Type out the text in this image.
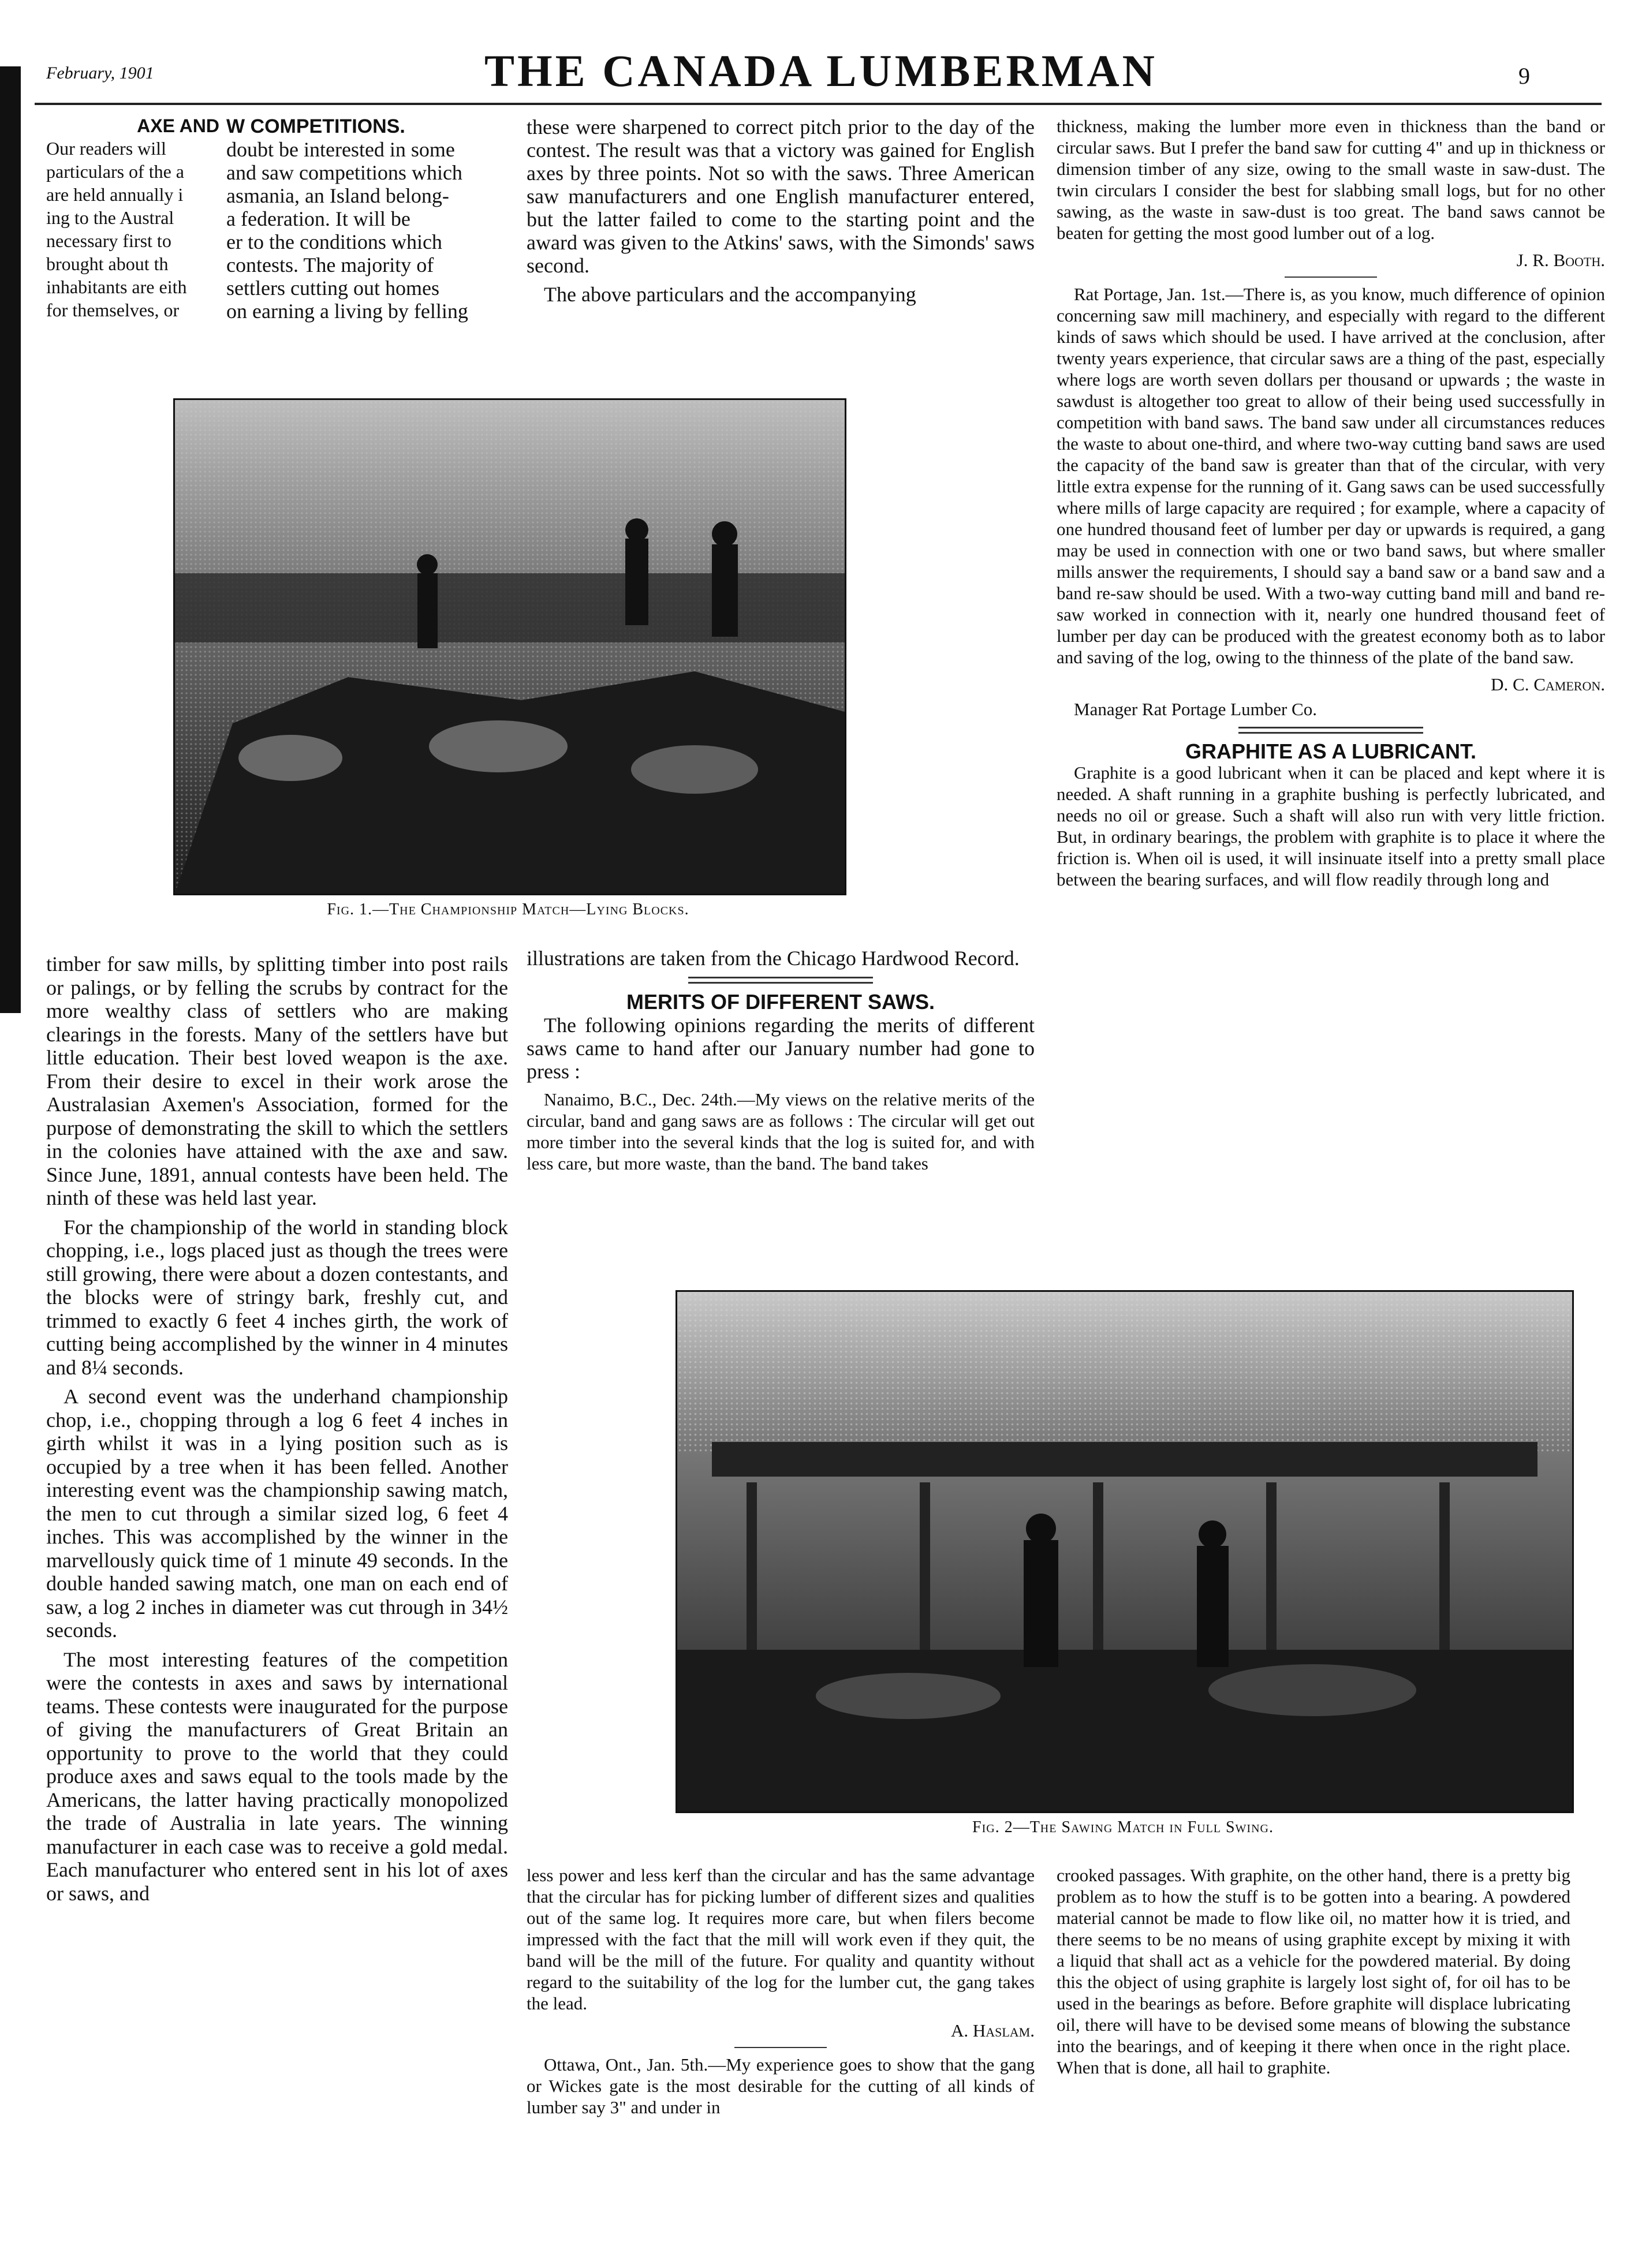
February, 1901	THE CANADA LUMBERMAN	9

AXE AND

Our readers will
particulars of the a
are held annually i
ing to the Austral
necessary first to
brought about th
inhabitants are eith
for themselves, or

W COMPETITIONS.

doubt be interested in some
and saw competitions which
asmania, an Island belong-
a federation. It will be
er to the conditions which
contests. The majority of
settlers cutting out homes
on earning a living by felling

these were sharpened to correct pitch prior to the day of the contest. The result was that a victory was gained for English axes by three points. Not so with the saws. Three American saw manufacturers and one English manufacturer entered, but the latter failed to come to the starting point and the award was given to the Atkins' saws, with the Simonds' saws second.

The above particulars and the accompanying

Fig. 1.—The Championship Match—Lying Blocks.

timber for saw mills, by splitting timber into post rails or palings, or by felling the scrubs by contract for the more wealthy class of settlers who are making clearings in the forests. Many of the settlers have but little education. Their best loved weapon is the axe. From their desire to excel in their work arose the Australasian Axemen's Association, formed for the purpose of demonstrating the skill to which the settlers in the colonies have attained with the axe and saw. Since June, 1891, annual contests have been held. The ninth of these was held last year.

For the championship of the world in standing block chopping, i.e., logs placed just as though the trees were still growing, there were about a dozen contestants, and the blocks were of stringy bark, freshly cut, and trimmed to exactly 6 feet 4 inches girth, the work of cutting being accomplished by the winner in 4 minutes and 8¼ seconds.

A second event was the underhand championship chop, i.e., chopping through a log 6 feet 4 inches in girth whilst it was in a lying position such as is occupied by a tree when it has been felled. Another interesting event was the championship sawing match, the men to cut through a similar sized log, 6 feet 4 inches. This was accomplished by the winner in the marvellously quick time of 1 minute 49 seconds. In the double handed sawing match, one man on each end of saw, a log 2 inches in diameter was cut through in 34½ seconds.

The most interesting features of the competition were the contests in axes and saws by international teams. These contests were inaugurated for the purpose of giving the manufacturers of Great Britain an opportunity to prove to the world that they could produce axes and saws equal to the tools made by the Americans, the latter having practically monopolized the trade of Australia in late years. The winning manufacturer in each case was to receive a gold medal. Each manufacturer who entered sent in his lot of axes or saws, and

illustrations are taken from the Chicago Hardwood Record.

MERITS OF DIFFERENT SAWS.

The following opinions regarding the merits of different saws came to hand after our January number had gone to press :

Nanaimo, B.C., Dec. 24th.—My views on the relative merits of the circular, band and gang saws are as follows : The circular will get out more timber into the several kinds that the log is suited for, and with less care, but more waste, than the band. The band takes

thickness, making the lumber more even in thickness than the band or circular saws. But I prefer the band saw for cutting 4" and up in thickness or dimension timber of any size, owing to the small waste in saw-dust. The twin circulars I consider the best for slabbing small logs, but for no other sawing, as the waste in saw-dust is too great. The band saws cannot be beaten for getting the most good lumber out of a log.

J. R. Booth.

Rat Portage, Jan. 1st.—There is, as you know, much difference of opinion concerning saw mill machinery, and especially with regard to the different kinds of saws which should be used. I have arrived at the conclusion, after twenty years experience, that circular saws are a thing of the past, especially where logs are worth seven dollars per thousand or upwards ; the waste in sawdust is altogether too great to allow of their being used successfully in competition with band saws. The band saw under all circumstances reduces the waste to about one-third, and where two-way cutting band saws are used the capacity of the band saw is greater than that of the circular, with very little extra expense for the running of it. Gang saws can be used successfully where mills of large capacity are required ; for example, where a capacity of one hundred thousand feet of lumber per day or upwards is required, a gang may be used in connection with one or two band saws, but where smaller mills answer the requirements, I should say a band saw or a band saw and a band re-saw should be used. With a two-way cutting band mill and band re-saw worked in connection with it, nearly one hundred thousand feet of lumber per day can be produced with the greatest economy both as to labor and saving of the log, owing to the thinness of the plate of the band saw.

D. C. Cameron.
Manager Rat Portage Lumber Co.

GRAPHITE AS A LUBRICANT.

Graphite is a good lubricant when it can be placed and kept where it is needed. A shaft running in a graphite bushing is perfectly lubricated, and needs no oil or grease. Such a shaft will also run with very little friction. But, in ordinary bearings, the problem with graphite is to place it where the friction is. When oil is used, it will insinuate itself into a pretty small place between the bearing surfaces, and will flow readily through long and

Fig. 2—The Sawing Match in Full Swing.

less power and less kerf than the circular and has the same advantage that the circular has for picking lumber of different sizes and qualities out of the same log. It requires more care, but when filers become impressed with the fact that the mill will work even if they quit, the band will be the mill of the future. For quality and quantity without regard to the suitability of the log for the lumber cut, the gang takes the lead.

A. Haslam.

Ottawa, Ont., Jan. 5th.—My experience goes to show that the gang or Wickes gate is the most desirable for the cutting of all kinds of lumber say 3" and under in

crooked passages. With graphite, on the other hand, there is a pretty big problem as to how the stuff is to be gotten into a bearing. A powdered material cannot be made to flow like oil, no matter how it is tried, and there seems to be no means of using graphite except by mixing it with a liquid that shall act as a vehicle for the powdered material. By doing this the object of using graphite is largely lost sight of, for oil has to be used in the bearings as before. Before graphite will displace lubricating oil, there will have to be devised some means of blowing the substance into the bearings, and of keeping it there when once in the right place. When that is done, all hail to graphite.
